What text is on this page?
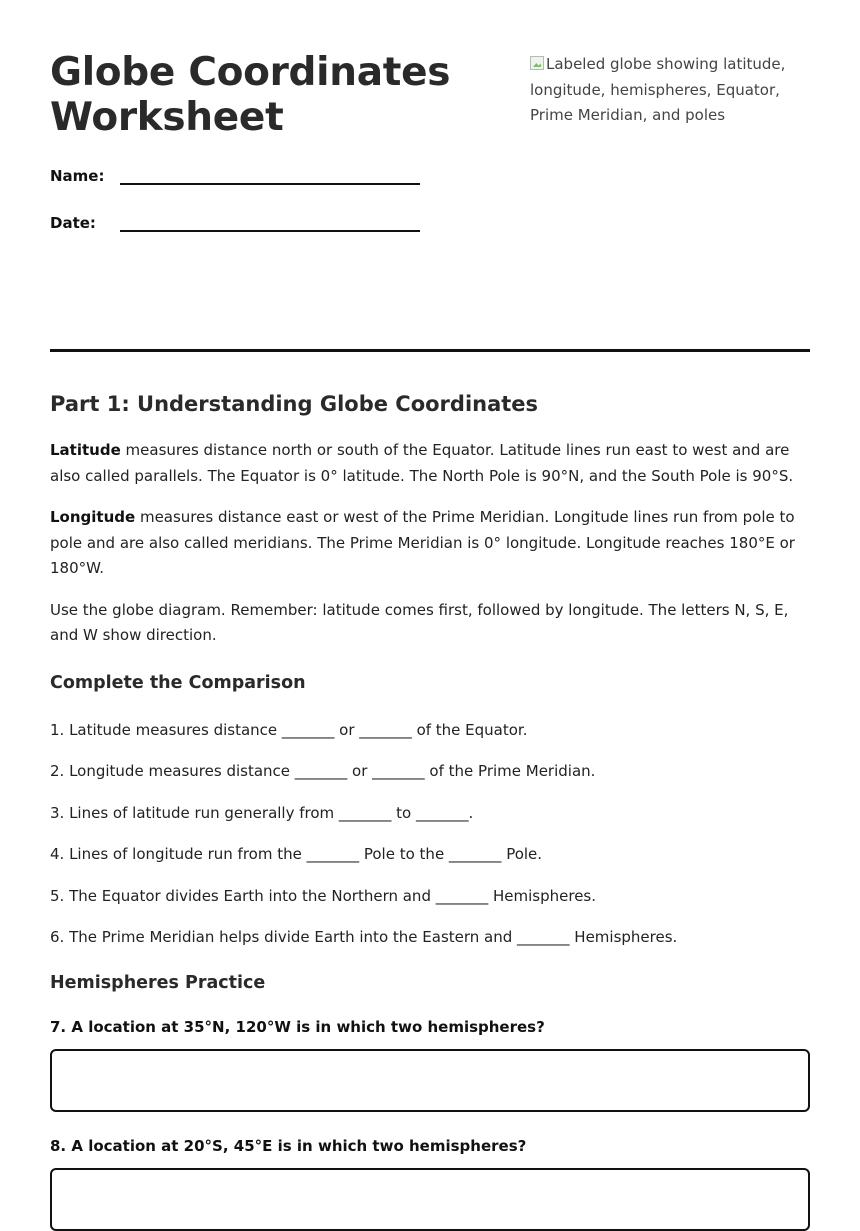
Globe Coordinates Worksheet
Name:
Date:
Labeled globe showing latitude, longitude, hemispheres, Equator, Prime Meridian, and poles
Part 1: Understanding Globe Coordinates

Latitude measures distance north or south of the Equator. Latitude lines run east to west and are also called parallels. The Equator is 0° latitude. The North Pole is 90°N, and the South Pole is 90°S.

Longitude measures distance east or west of the Prime Meridian. Longitude lines run from pole to pole and are also called meridians. The Prime Meridian is 0° longitude. Longitude reaches 180°E or 180°W.

Use the globe diagram. Remember: latitude comes first, followed by longitude. The letters N, S, E, and W show direction.

Complete the Comparison

1. Latitude measures distance _______ or _______ of the Equator.

2. Longitude measures distance _______ or _______ of the Prime Meridian.

3. Lines of latitude run generally from _______ to _______.

4. Lines of longitude run from the _______ Pole to the _______ Pole.

5. The Equator divides Earth into the Northern and _______ Hemispheres.

6. The Prime Meridian helps divide Earth into the Eastern and _______ Hemispheres.

Hemispheres Practice

7. A location at 35°N, 120°W is in which two hemispheres?

8. A location at 20°S, 45°E is in which two hemispheres?
